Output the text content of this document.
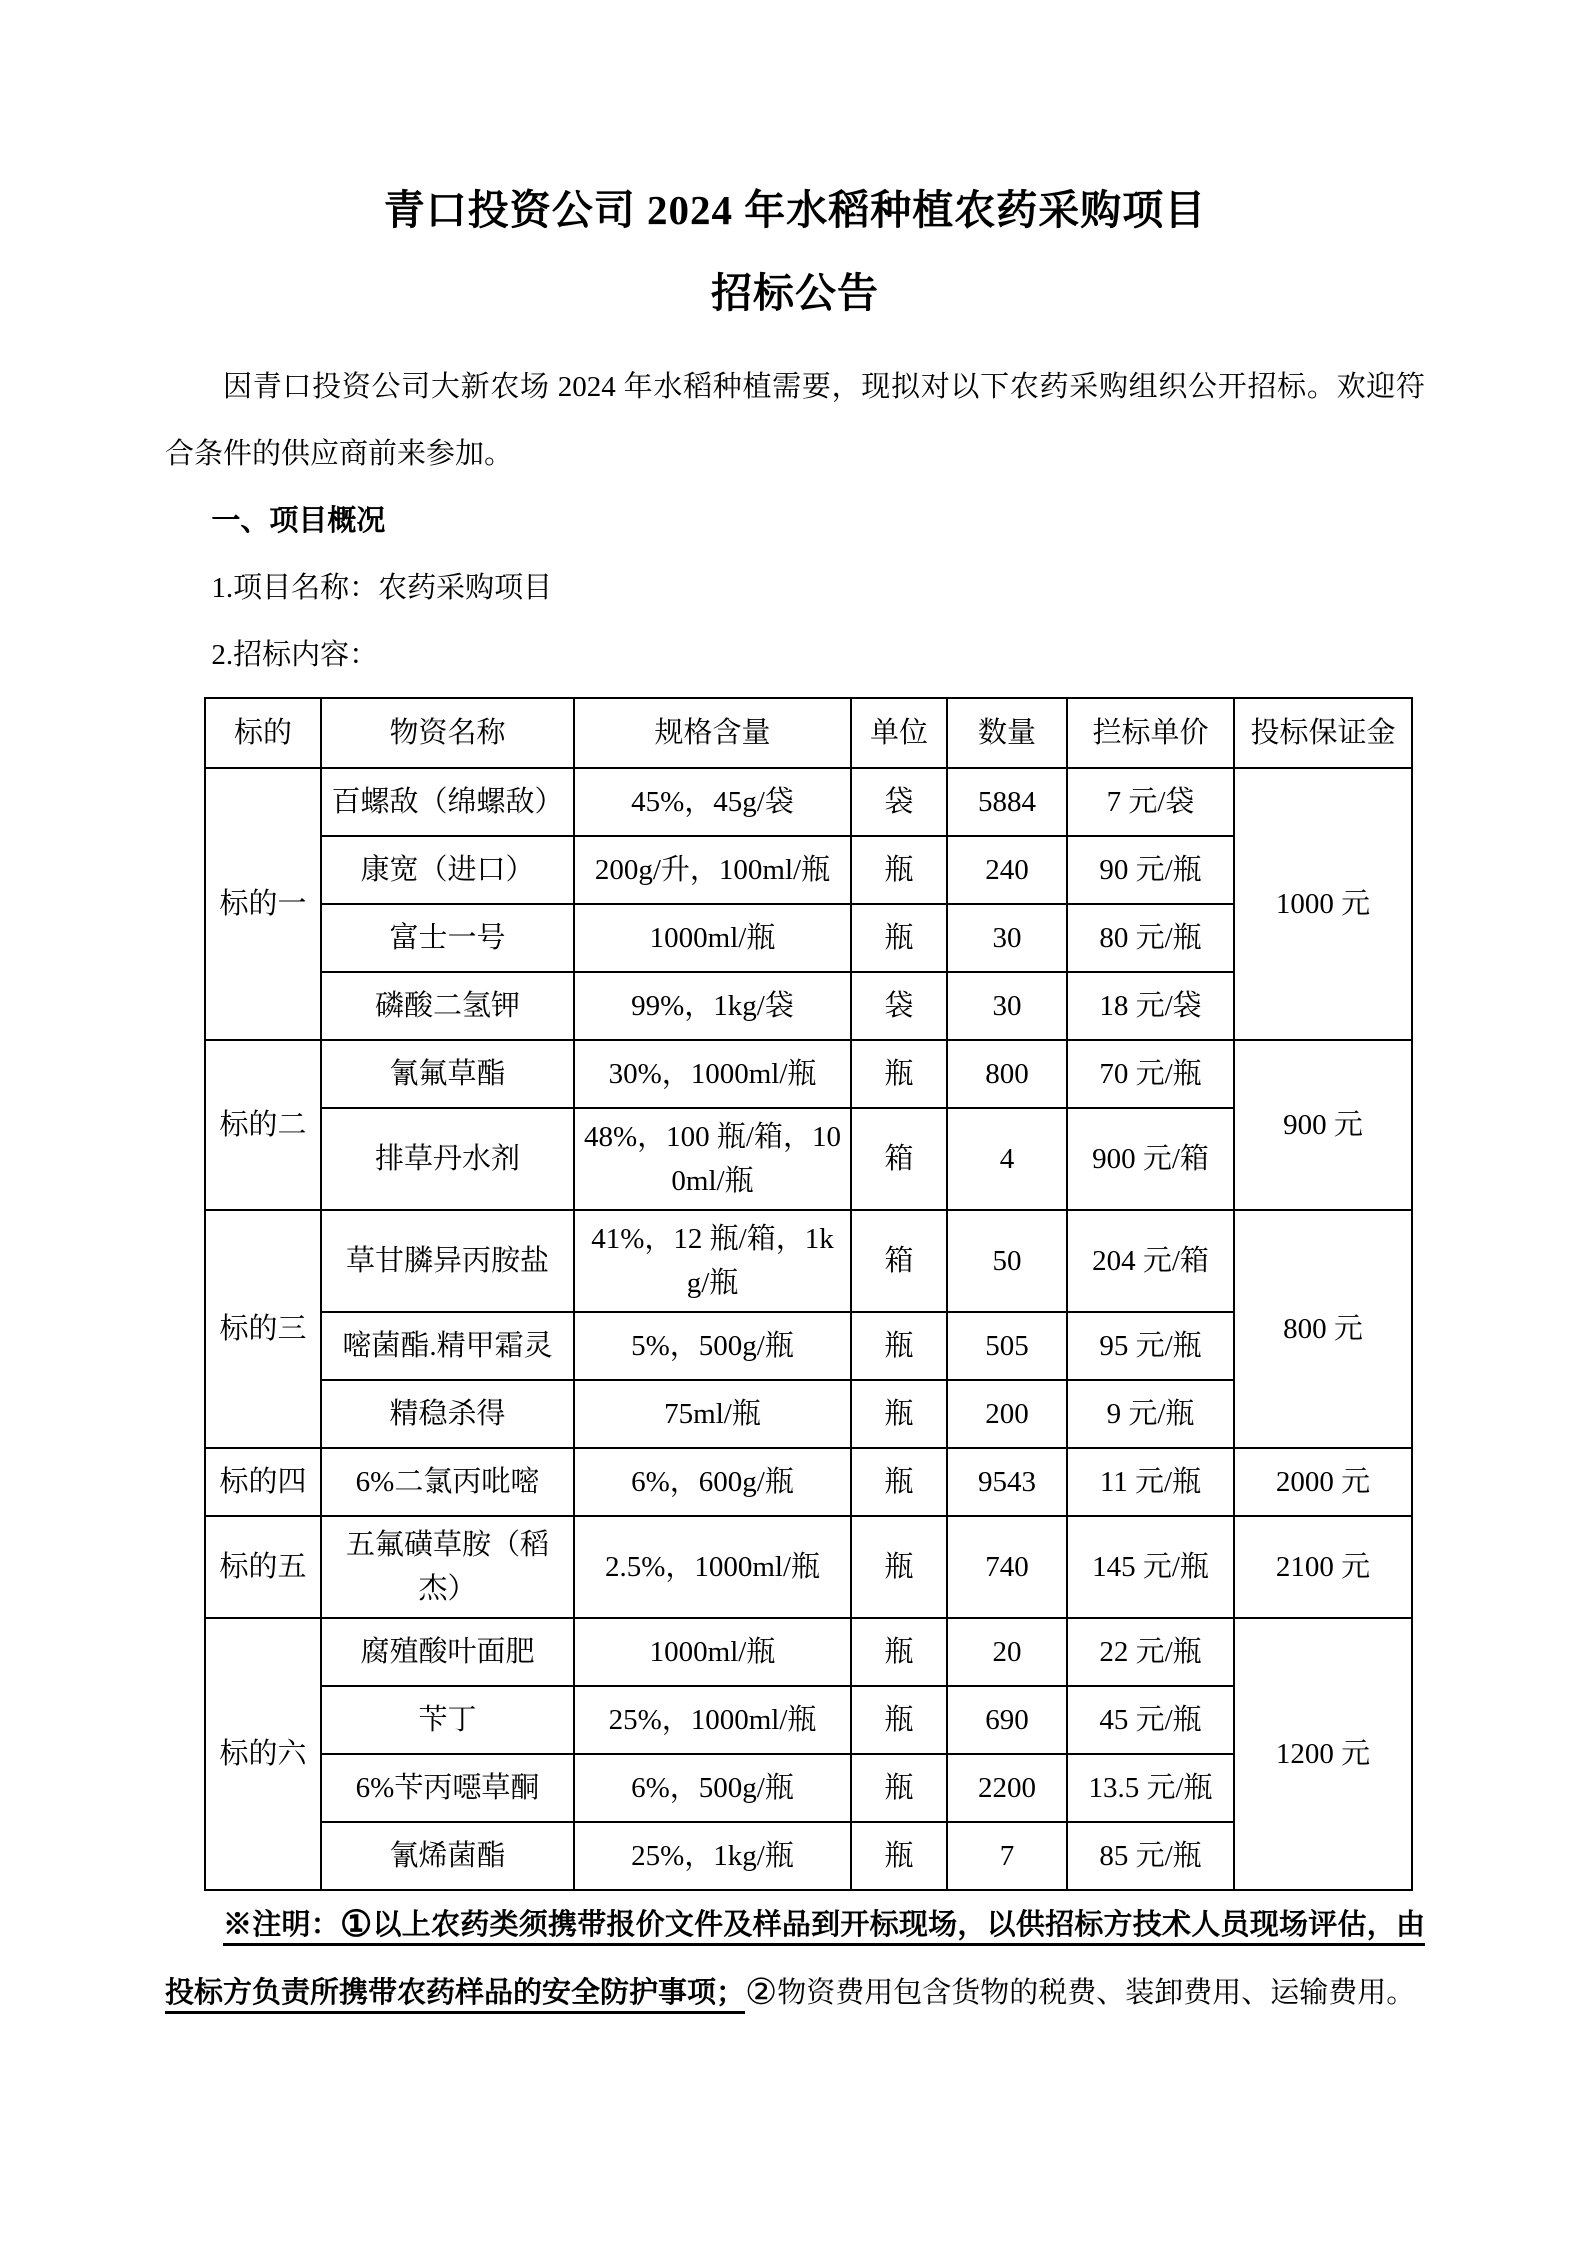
青口投资公司 2024 年水稻种植农药采购项目
招标公告

因青口投资公司大新农场 2024 年水稻种植需要，现拟对以下农药采购组织公开招标。欢迎符合条件的供应商前来参加。

一、项目概况

1.项目名称：农药采购项目

2.招标内容：

标的	物资名称	规格含量	单位	数量	拦标单价	投标保证金
标的一	百螺敌（绵螺敌）	45%，45g/袋	袋	5884	7 元/袋	1000 元
	康宽（进口）	200g/升，100ml/瓶	瓶	240	90 元/瓶	
	富士一号	1000ml/瓶	瓶	30	80 元/瓶	
	磷酸二氢钾	99%，1kg/袋	袋	30	18 元/袋	
标的二	氰氟草酯	30%，1000ml/瓶	瓶	800	70 元/瓶	900 元
	排草丹水剂	48%，100 瓶/箱，100ml/瓶	箱	4	900 元/箱	
标的三	草甘膦异丙胺盐	41%，12 瓶/箱，1kg/瓶	箱	50	204 元/箱	800 元
	嘧菌酯.精甲霜灵	5%，500g/瓶	瓶	505	95 元/瓶	
	精稳杀得	75ml/瓶	瓶	200	9 元/瓶	
标的四	6%二氯丙吡嘧	6%，600g/瓶	瓶	9543	11 元/瓶	2000 元
标的五	五氟磺草胺（稻杰）	2.5%，1000ml/瓶	瓶	740	145 元/瓶	2100 元
标的六	腐殖酸叶面肥	1000ml/瓶	瓶	20	22 元/瓶	1200 元
	苄丁	25%，1000ml/瓶	瓶	690	45 元/瓶	
	6%苄丙噁草酮	6%，500g/瓶	瓶	2200	13.5 元/瓶	
	氰烯菌酯	25%，1kg/瓶	瓶	7	85 元/瓶	

※注明：①以上农药类须携带报价文件及样品到开标现场，以供招标方技术人员现场评估，由投标方负责所携带农药样品的安全防护事项；②物资费用包含货物的税费、装卸费用、运输费用。
